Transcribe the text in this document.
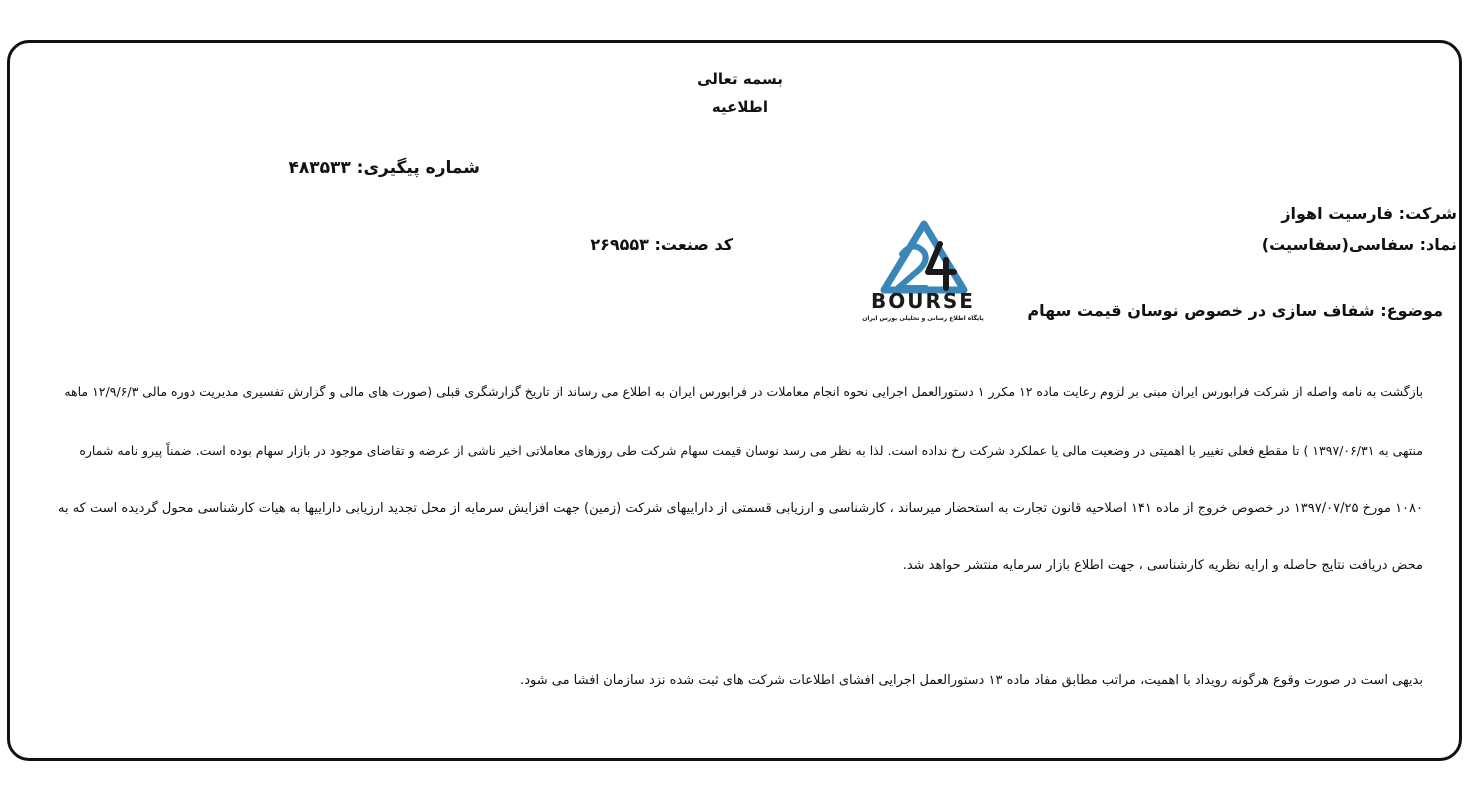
بسمه تعالی
اطلاعیه
شماره پیگیری: ۴۸۳۵۳۳
شرکت: فارسیت اهواز
نماد: سفاسی(سفاسیت)
کد صنعت: ۲۶۹۵۵۳
موضوع: شفاف سازی در خصوص نوسان قیمت سهام
BOURSE
پایگاه اطلاع رسانی و تحلیلی بورس ایران
بازگشت به نامه واصله از شرکت فرابورس ایران مبنی بر لزوم رعایت ماده ۱۲ مکرر ۱ دستورالعمل اجرایی نحوه انجام معاملات در فرابورس ایران به اطلاع می رساند از تاریخ گزارشگری قبلی (صورت های مالی و گزارش تفسیری مدیریت دوره مالی ۱۲/۹/۶/۳ ماهه
منتهی به ۱۳۹۷/۰۶/۳۱ ) تا مقطع فعلی تغییر با اهمیتی در وضعیت مالی یا عملکرد شرکت رخ نداده است. لذا به نظر می رسد نوسان قیمت سهام شرکت طی روزهای معاملاتی اخیر ناشی از عرضه و تقاضای موجود در بازار سهام بوده است. ضمناً پیرو نامه شماره
۱۰۸۰ مورخ ۱۳۹۷/۰۷/۲۵ در خصوص خروج از ماده ۱۴۱ اصلاحیه قانون تجارت به استحضار میرساند ، کارشناسی و ارزیابی قسمتی از داراییهای شرکت (زمین) جهت افزایش سرمایه از محل تجدید ارزیابی داراییها به هیات کارشناسی محول گردیده است که به
محض دریافت نتایج حاصله و ارایه نظریه کارشناسی ، جهت اطلاع بازار سرمایه منتشر حواهد شد.
بدیهی است در صورت وقوع هرگونه رویداد با اهمیت، مراتب مطابق مفاد ماده ۱۳ دستورالعمل اجرایی افشای اطلاعات شرکت های ثبت شده نزد سازمان افشا می شود.
